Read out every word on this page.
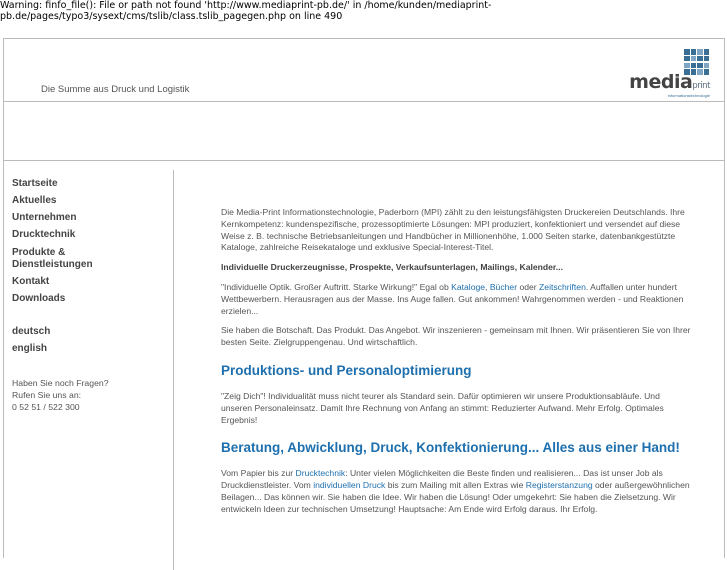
Warning: finfo_file(): File or path not found 'http://www.mediaprint-pb.de/' in /home/kunden/mediaprint-pb.de/pages/typo3/sysext/cms/tslib/class.tslib_pagegen.php on line 490
Die Summe aus Druck und Logistik	mediaprint
informationstechnologie
Startseite
Aktuelles
Unternehmen
Drucktechnik
Produkte &
Dienstleistungen
Kontakt
Downloads
deutsch
english
Haben Sie noch Fragen?
Rufen Sie uns an:
0 52 51 / 522 300

Die Media-Print Informationstechnologie, Paderborn (MPI) zählt zu den leistungsfähigsten Druckereien Deutschlands. Ihre Kernkompetenz: kundenspezifische, prozessoptimierte Lösungen: MPI produziert, konfektioniert und versendet auf diese Weise z. B. technische Betriebsanleitungen und Handbücher in Millionenhöhe, 1.000 Seiten starke, datenbankgestützte Kataloge, zahlreiche Reisekataloge und exklusive Special-Interest-Titel.

Individuelle Druckerzeugnisse, Prospekte, Verkaufsunterlagen, Mailings, Kalender...

"Individuelle Optik. Großer Auftritt. Starke Wirkung!" Egal ob Kataloge, Bücher oder Zeitschriften. Auffallen unter hundert Wettbewerbern. Herausragen aus der Masse. Ins Auge fallen. Gut ankommen! Wahrgenommen werden - und Reaktionen erzielen...

Sie haben die Botschaft. Das Produkt. Das Angebot. Wir inszenieren - gemeinsam mit Ihnen. Wir präsentieren Sie von Ihrer besten Seite. Zielgruppengenau. Und wirtschaftlich.

Produktions- und Personaloptimierung

"Zeig Dich"! Individualität muss nicht teurer als Standard sein. Dafür optimieren wir unsere Produktionsabläufe. Und unseren Personaleinsatz. Damit Ihre Rechnung von Anfang an stimmt: Reduzierter Aufwand. Mehr Erfolg. Optimales Ergebnis!

Beratung, Abwicklung, Druck, Konfektionierung... Alles aus einer Hand!

Vom Papier bis zur Drucktechnik: Unter vielen Möglichkeiten die Beste finden und realisieren... Das ist unser Job als Druckdienstleister. Vom individuellen Druck bis zum Mailing mit allen Extras wie Registerstanzung oder außergewöhnlichen Beilagen... Das können wir. Sie haben die Idee. Wir haben die Lösung! Oder umgekehrt: Sie haben die Zielsetzung. Wir entwickeln Ideen zur technischen Umsetzung! Hauptsache: Am Ende wird Erfolg daraus. Ihr Erfolg.
